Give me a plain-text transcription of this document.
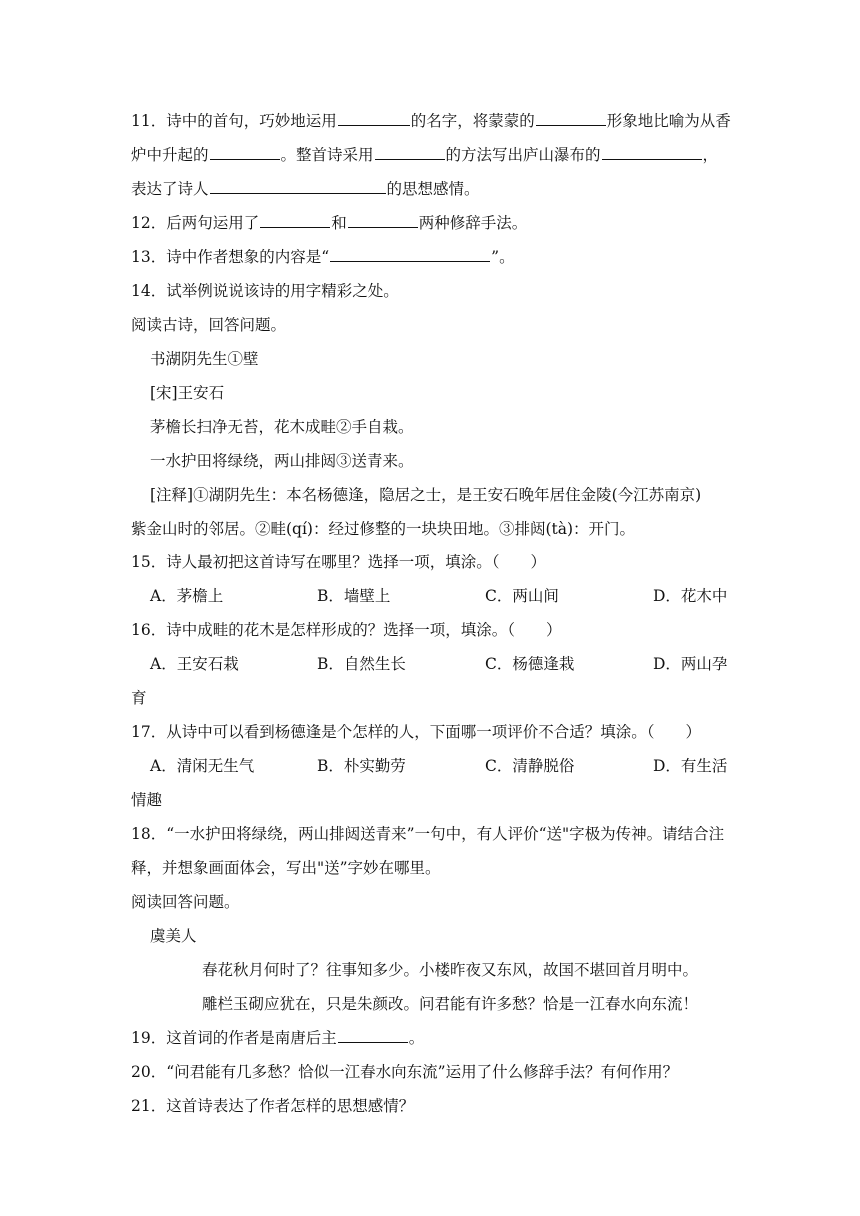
11．诗中的首句，巧妙地运用	的名字，将蒙蒙的	形象地比喻为从香
炉中升起的	。整首诗采用	的方法写出庐山瀑布的	，
表达了诗人	的思想感情。
12．后两句运用了	和	两种修辞手法。
13．诗中作者想象的内容是“	”。
14．试举例说说该诗的用字精彩之处。
阅读古诗，回答问题。
书湖阴先生①壁
[宋]王安石
茅檐长扫净无苔，花木成畦②手自栽。
一水护田将绿绕，两山排闼③送青来。
[注释]①湖阴先生：本名杨德逢，隐居之士，是王安石晚年居住金陵(今江苏南京)
紫金山时的邻居。②畦(qí)：经过修整的一块块田地。③排闼(tà)：开门。
15．诗人最初把这首诗写在哪里？选择一项，填涂。（　　）
A．茅檐上	B．墙壁上	C．两山间	D．花木中
16．诗中成畦的花木是怎样形成的？选择一项，填涂。（　　）
A．王安石栽	B．自然生长	C．杨德逢栽	D．两山孕
育
17．从诗中可以看到杨德逢是个怎样的人，下面哪一项评价不合适？填涂。（　　）
A．清闲无生气	B．朴实勤劳	C．清静脱俗	D．有生活
情趣
18．“一水护田将绿绕，两山排闼送青来”一句中，有人评价“送"字极为传神。请结合注
释，并想象画面体会，写出"送”字妙在哪里。
阅读回答问题。
虞美人
春花秋月何时了？往事知多少。小楼昨夜又东风，故国不堪回首月明中。
雕栏玉砌应犹在，只是朱颜改。问君能有许多愁？恰是一江春水向东流！
19．这首词的作者是南唐后主	。
20．“问君能有几多愁？恰似一江春水向东流”运用了什么修辞手法？有何作用？
21．这首诗表达了作者怎样的思想感情？
